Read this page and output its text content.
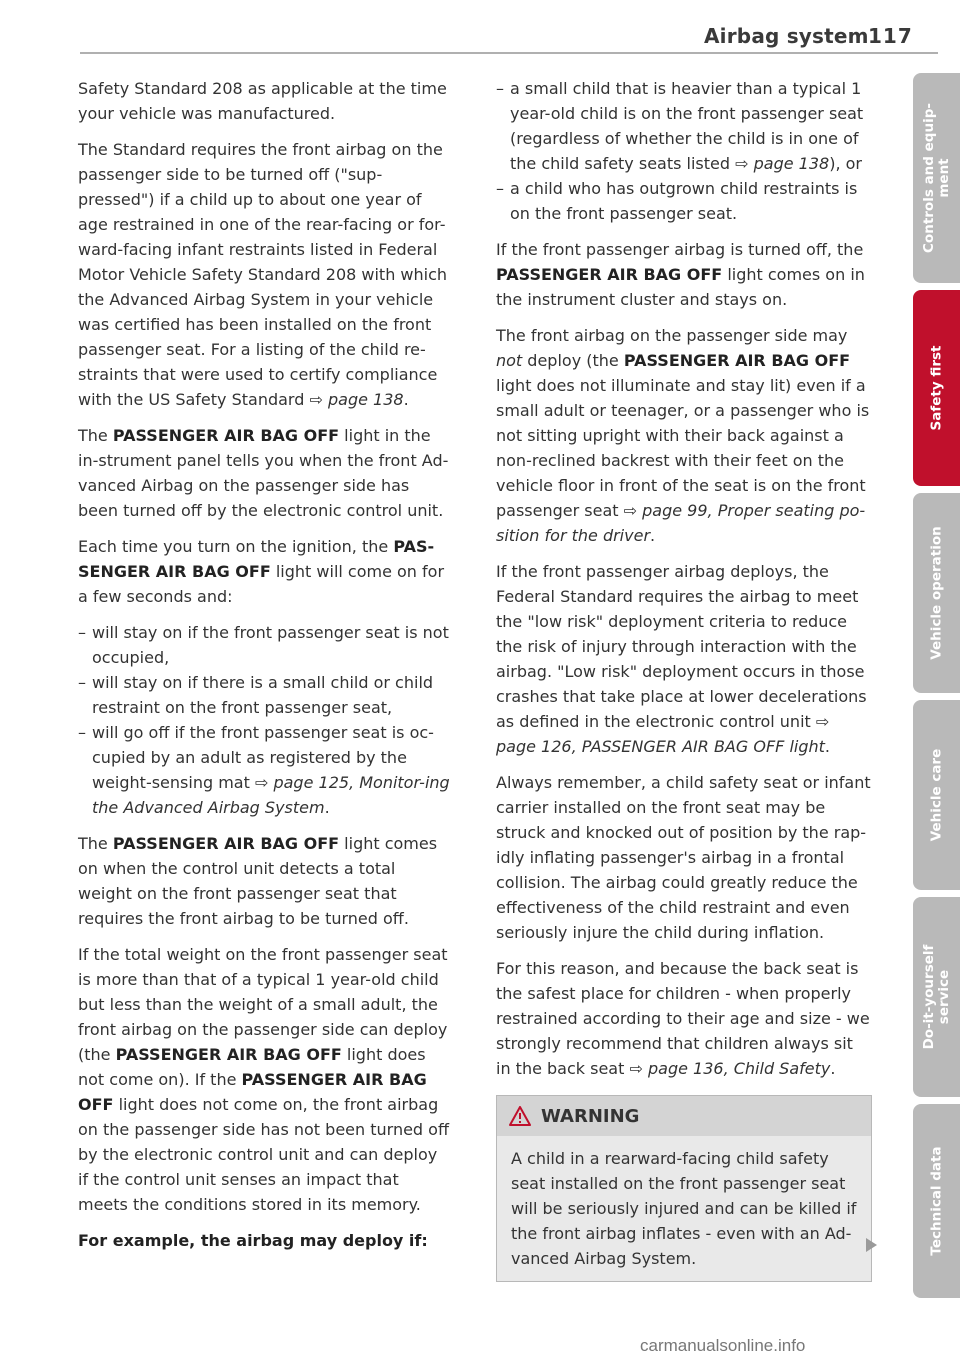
Airbag system 117

Safety Standard 208 as applicable at the time your vehicle was manufactured.

The Standard requires the front airbag on the passenger side to be turned off ("sup-pressed") if a child up to about one year of age restrained in one of the rear-facing or for-ward-facing infant restraints listed in Federal Motor Vehicle Safety Standard 208 with which the Advanced Airbag System in your vehicle was certified has been installed on the front passenger seat. For a listing of the child re-straints that were used to certify compliance with the US Safety Standard ⇨ page 138.

The PASSENGER AIR BAG OFF light in the in-strument panel tells you when the front Ad-vanced Airbag on the passenger side has been turned off by the electronic control unit.

Each time you turn on the ignition, the PAS-SENGER AIR BAG OFF light will come on for a few seconds and:

– will stay on if the front passenger seat is not occupied,
– will stay on if there is a small child or child restraint on the front passenger seat,
– will go off if the front passenger seat is oc-cupied by an adult as registered by the weight-sensing mat ⇨ page 125, Monitor-ing the Advanced Airbag System.

The PASSENGER AIR BAG OFF light comes on when the control unit detects a total weight on the front passenger seat that requires the front airbag to be turned off.

If the total weight on the front passenger seat is more than that of a typical 1 year-old child but less than the weight of a small adult, the front airbag on the passenger side can deploy (the PASSENGER AIR BAG OFF light does not come on). If the PASSENGER AIR BAG OFF light does not come on, the front airbag on the passenger side has not been turned off by the electronic control unit and can deploy if the control unit senses an impact that meets the conditions stored in its memory.

For example, the airbag may deploy if:

– a small child that is heavier than a typical 1 year-old child is on the front passenger seat (regardless of whether the child is in one of the child safety seats listed ⇨ page 138), or
– a child who has outgrown child restraints is on the front passenger seat.

If the front passenger airbag is turned off, the PASSENGER AIR BAG OFF light comes on in the instrument cluster and stays on.

The front airbag on the passenger side may not deploy (the PASSENGER AIR BAG OFF light does not illuminate and stay lit) even if a small adult or teenager, or a passenger who is not sitting upright with their back against a non-reclined backrest with their feet on the vehicle floor in front of the seat is on the front passenger seat ⇨ page 99, Proper seating po-sition for the driver.

If the front passenger airbag deploys, the Federal Standard requires the airbag to meet the "low risk" deployment criteria to reduce the risk of injury through interaction with the airbag. "Low risk" deployment occurs in those crashes that take place at lower decelerations as defined in the electronic control unit ⇨ page 126, PASSENGER AIR BAG OFF light.

Always remember, a child safety seat or infant carrier installed on the front seat may be struck and knocked out of position by the rap-idly inflating passenger's airbag in a frontal collision. The airbag could greatly reduce the effectiveness of the child restraint and even seriously injure the child during inflation.

For this reason, and because the back seat is the safest place for children - when properly restrained according to their age and size - we strongly recommend that children always sit in the back seat ⇨ page 136, Child Safety.

WARNING
A child in a rearward-facing child safety seat installed on the front passenger seat will be seriously injured and can be killed if the front airbag inflates - even with an Ad-vanced Airbag System.
Controls and equip-
ment
Safety first
Vehicle operation
Vehicle care
Do-it-yourself
service
Technical data
carmanualsonline.info
